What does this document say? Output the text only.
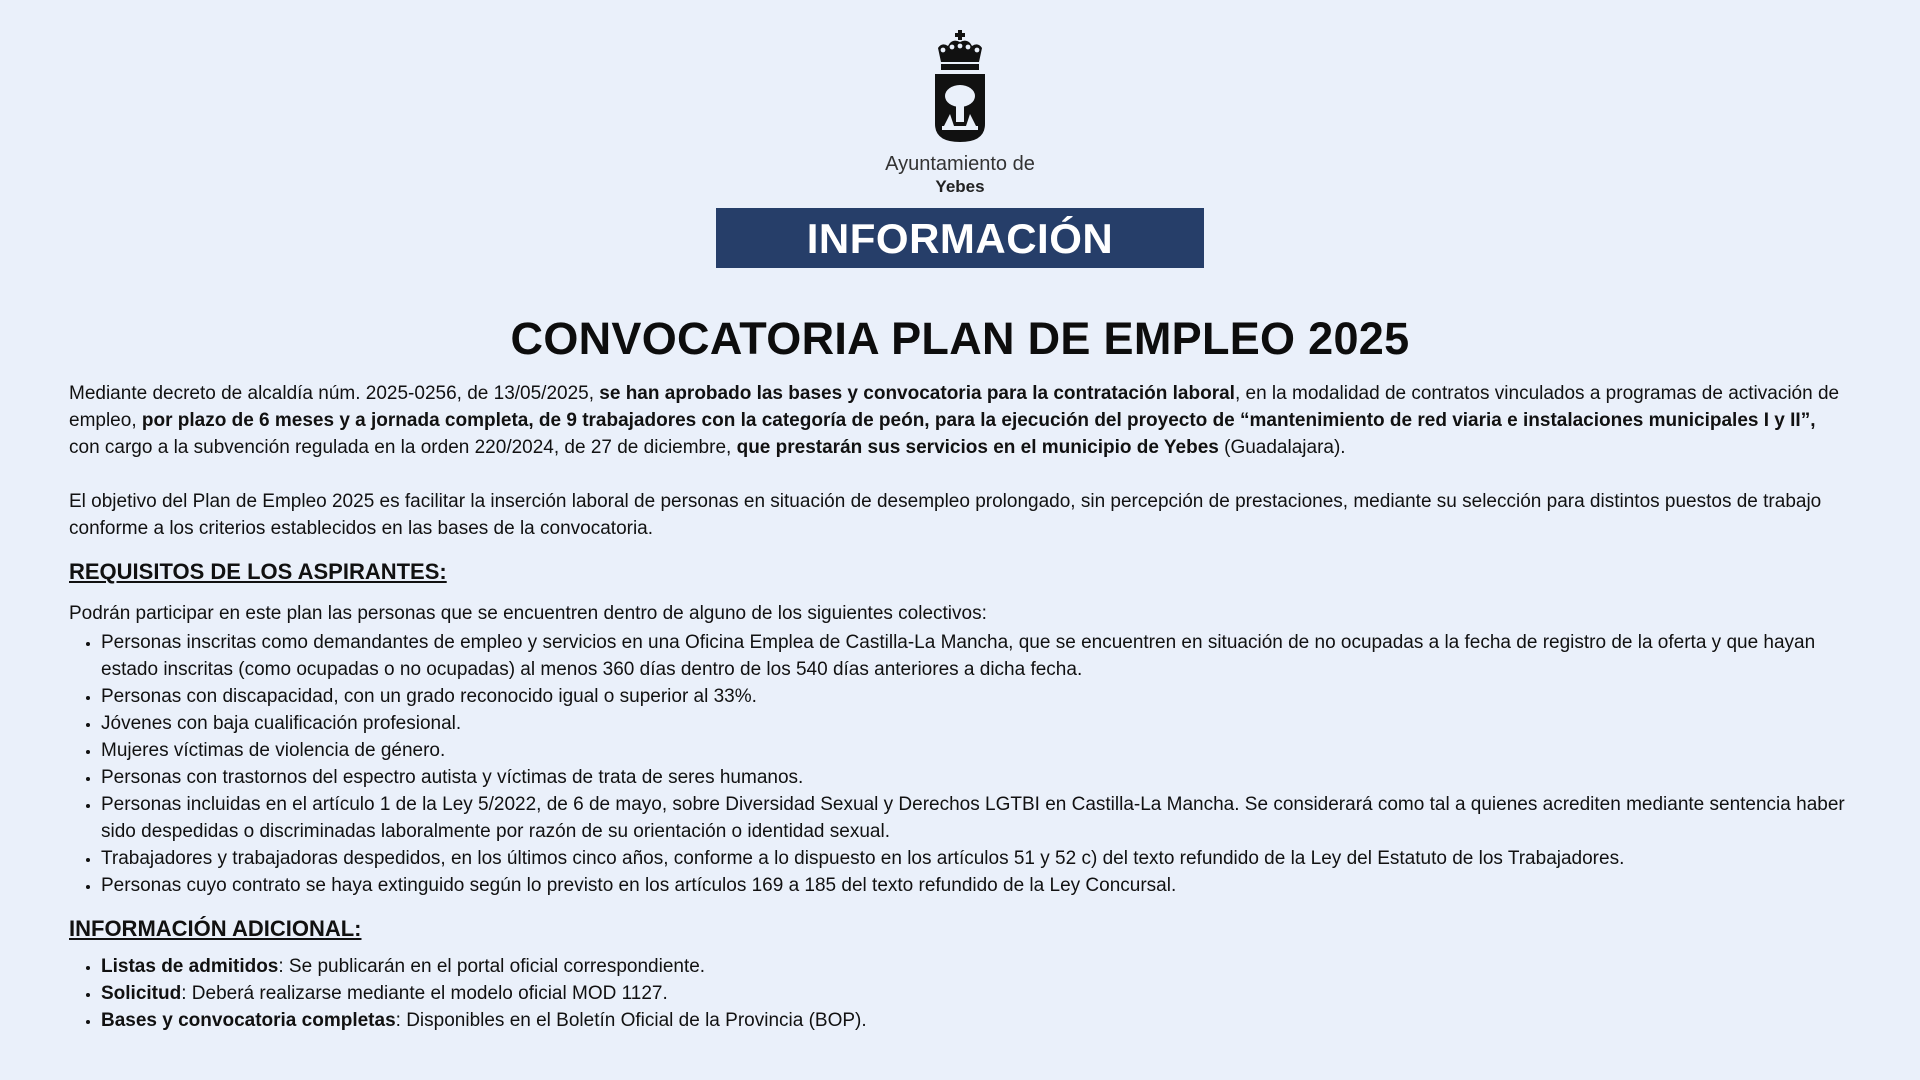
Ayuntamiento de
Yebes
INFORMACIÓN
CONVOCATORIA PLAN DE EMPLEO 2025

Mediante decreto de alcaldía núm. 2025-0256, de 13/05/2025, se han aprobado las bases y convocatoria para la contratación laboral, en la modalidad de contratos vinculados a programas de activación de empleo, por plazo de 6 meses y a jornada completa, de 9 trabajadores con la categoría de peón, para la ejecución del proyecto de “mantenimiento de red viaria e instalaciones municipales I y II”, con cargo a la subvención regulada en la orden 220/2024, de 27 de diciembre, que prestarán sus servicios en el municipio de Yebes (Guadalajara).

El objetivo del Plan de Empleo 2025 es facilitar la inserción laboral de personas en situación de desempleo prolongado, sin percepción de prestaciones, mediante su selección para distintos puestos de trabajo conforme a los criterios establecidos en las bases de la convocatoria.

REQUISITOS DE LOS ASPIRANTES:

Podrán participar en este plan las personas que se encuentren dentro de alguno de los siguientes colectivos:

• Personas inscritas como demandantes de empleo y servicios en una Oficina Emplea de Castilla-La Mancha, que se encuentren en situación de no ocupadas a la fecha de registro de la oferta y que hayan estado inscritas (como ocupadas o no ocupadas) al menos 360 días dentro de los 540 días anteriores a dicha fecha.
• Personas con discapacidad, con un grado reconocido igual o superior al 33%.
• Jóvenes con baja cualificación profesional.
• Mujeres víctimas de violencia de género.
• Personas con trastornos del espectro autista y víctimas de trata de seres humanos.
• Personas incluidas en el artículo 1 de la Ley 5/2022, de 6 de mayo, sobre Diversidad Sexual y Derechos LGTBI en Castilla-La Mancha. Se considerará como tal a quienes acrediten mediante sentencia haber sido despedidas o discriminadas laboralmente por razón de su orientación o identidad sexual.
• Trabajadores y trabajadoras despedidos, en los últimos cinco años, conforme a lo dispuesto en los artículos 51 y 52 c) del texto refundido de la Ley del Estatuto de los Trabajadores.
• Personas cuyo contrato se haya extinguido según lo previsto en los artículos 169 a 185 del texto refundido de la Ley Concursal.
INFORMACIÓN ADICIONAL:
• Listas de admitidos: Se publicarán en el portal oficial correspondiente.
• Solicitud: Deberá realizarse mediante el modelo oficial MOD 1127.
• Bases y convocatoria completas: Disponibles en el Boletín Oficial de la Provincia (BOP).
